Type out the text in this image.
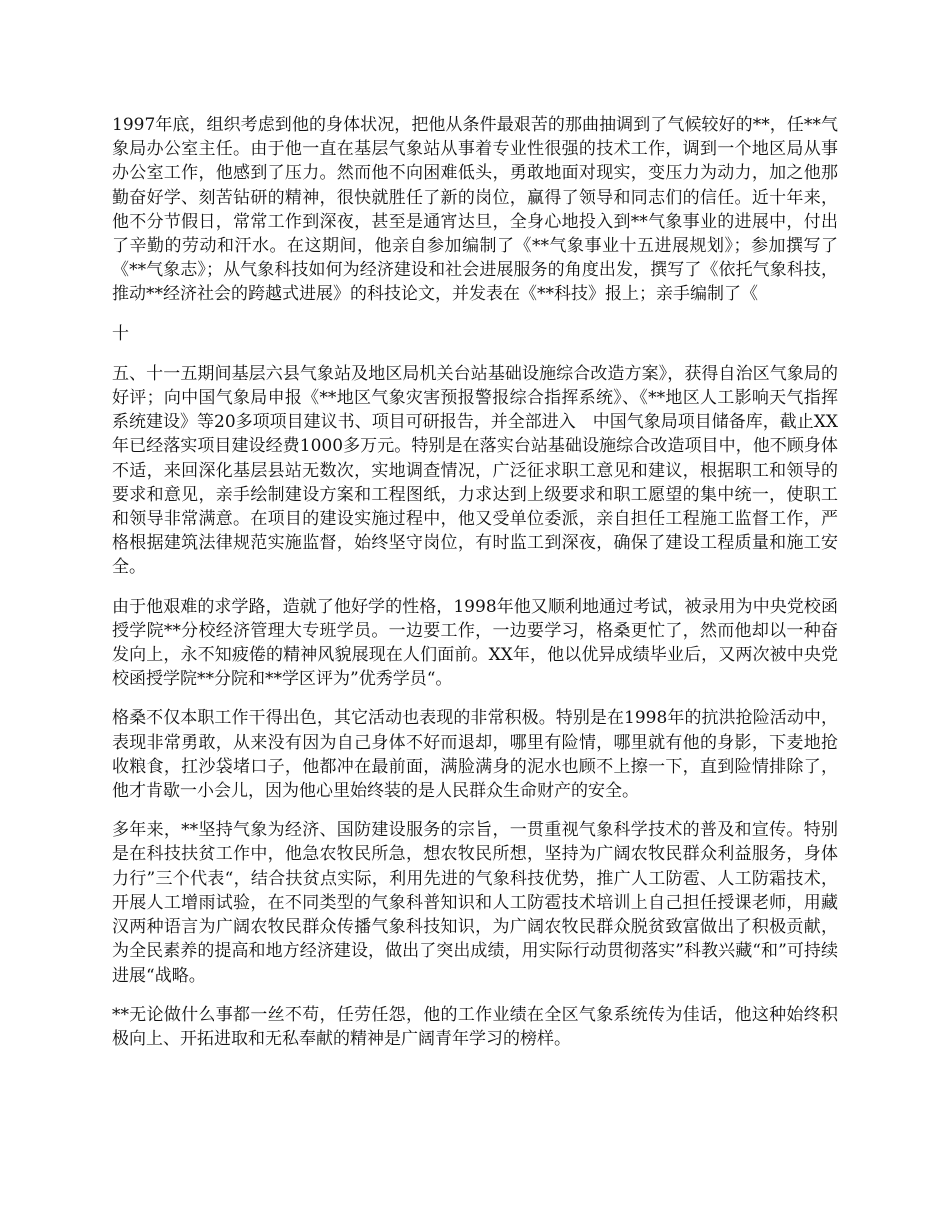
1997年底，组织考虑到他的身体状况，把他从条件最艰苦的那曲抽调到了气候较好的**，任**气象局办公室主任。由于他一直在基层气象站从事着专业性很强的技术工作，调到一个地区局从事办公室工作，他感到了压力。然而他不向困难低头，勇敢地面对现实，变压力为动力，加之他那勤奋好学、刻苦钻研的精神，很快就胜任了新的岗位，赢得了领导和同志们的信任。近十年来，他不分节假日，常常工作到深夜，甚至是通宵达旦，全身心地投入到**气象事业的进展中，付出了辛勤的劳动和汗水。在这期间，他亲自参加编制了《**气象事业十五进展规划》；参加撰写了《**气象志》；从气象科技如何为经济建设和社会进展服务的角度出发，撰写了《依托气象科技，推动**经济社会的跨越式进展》的科技论文，并发表在《**科技》报上；亲手编制了《

十

五、十一五期间基层六县气象站及地区局机关台站基础设施综合改造方案》，获得自治区气象局的好评；向中国气象局申报《**地区气象灾害预报警报综合指挥系统》、《**地区人工影响天气指挥系统建设》等20多项项目建议书、项目可研报告，并全部进入　中国气象局项目储备库，截止XX年已经落实项目建设经费1000多万元。特别是在落实台站基础设施综合改造项目中，他不顾身体不适，来回深化基层县站无数次，实地调查情况，广泛征求职工意见和建议，根据职工和领导的要求和意见，亲手绘制建设方案和工程图纸，力求达到上级要求和职工愿望的集中统一，使职工和领导非常满意。在项目的建设实施过程中，他又受单位委派，亲自担任工程施工监督工作，严格根据建筑法律规范实施监督，始终坚守岗位，有时监工到深夜，确保了建设工程质量和施工安全。

由于他艰难的求学路，造就了他好学的性格，1998年他又顺利地通过考试，被录用为中央党校函授学院**分校经济管理大专班学员。一边要工作，一边要学习，格桑更忙了，然而他却以一种奋发向上，永不知疲倦的精神风貌展现在人们面前。XX年，他以优异成绩毕业后，又两次被中央党校函授学院**分院和**学区评为”优秀学员“。

格桑不仅本职工作干得出色，其它活动也表现的非常积极。特别是在1998年的抗洪抢险活动中，表现非常勇敢，从来没有因为自己身体不好而退却，哪里有险情，哪里就有他的身影，下麦地抢收粮食，扛沙袋堵口子，他都冲在最前面，满脸满身的泥水也顾不上擦一下，直到险情排除了，他才肯歇一小会儿，因为他心里始终装的是人民群众生命财产的安全。

多年来，**坚持气象为经济、国防建设服务的宗旨，一贯重视气象科学技术的普及和宣传。特别是在科技扶贫工作中，他急农牧民所急，想农牧民所想，坚持为广阔农牧民群众利益服务，身体力行”三个代表“，结合扶贫点实际，利用先进的气象科技优势，推广人工防雹、人工防霜技术，开展人工增雨试验，在不同类型的气象科普知识和人工防雹技术培训上自己担任授课老师，用藏汉两种语言为广阔农牧民群众传播气象科技知识，为广阔农牧民群众脱贫致富做出了积极贡献，为全民素养的提高和地方经济建设，做出了突出成绩，用实际行动贯彻落实”科教兴藏“和”可持续进展“战略。

**无论做什么事都一丝不苟，任劳任怨，他的工作业绩在全区气象系统传为佳话，他这种始终积极向上、开拓进取和无私奉献的精神是广阔青年学习的榜样。
